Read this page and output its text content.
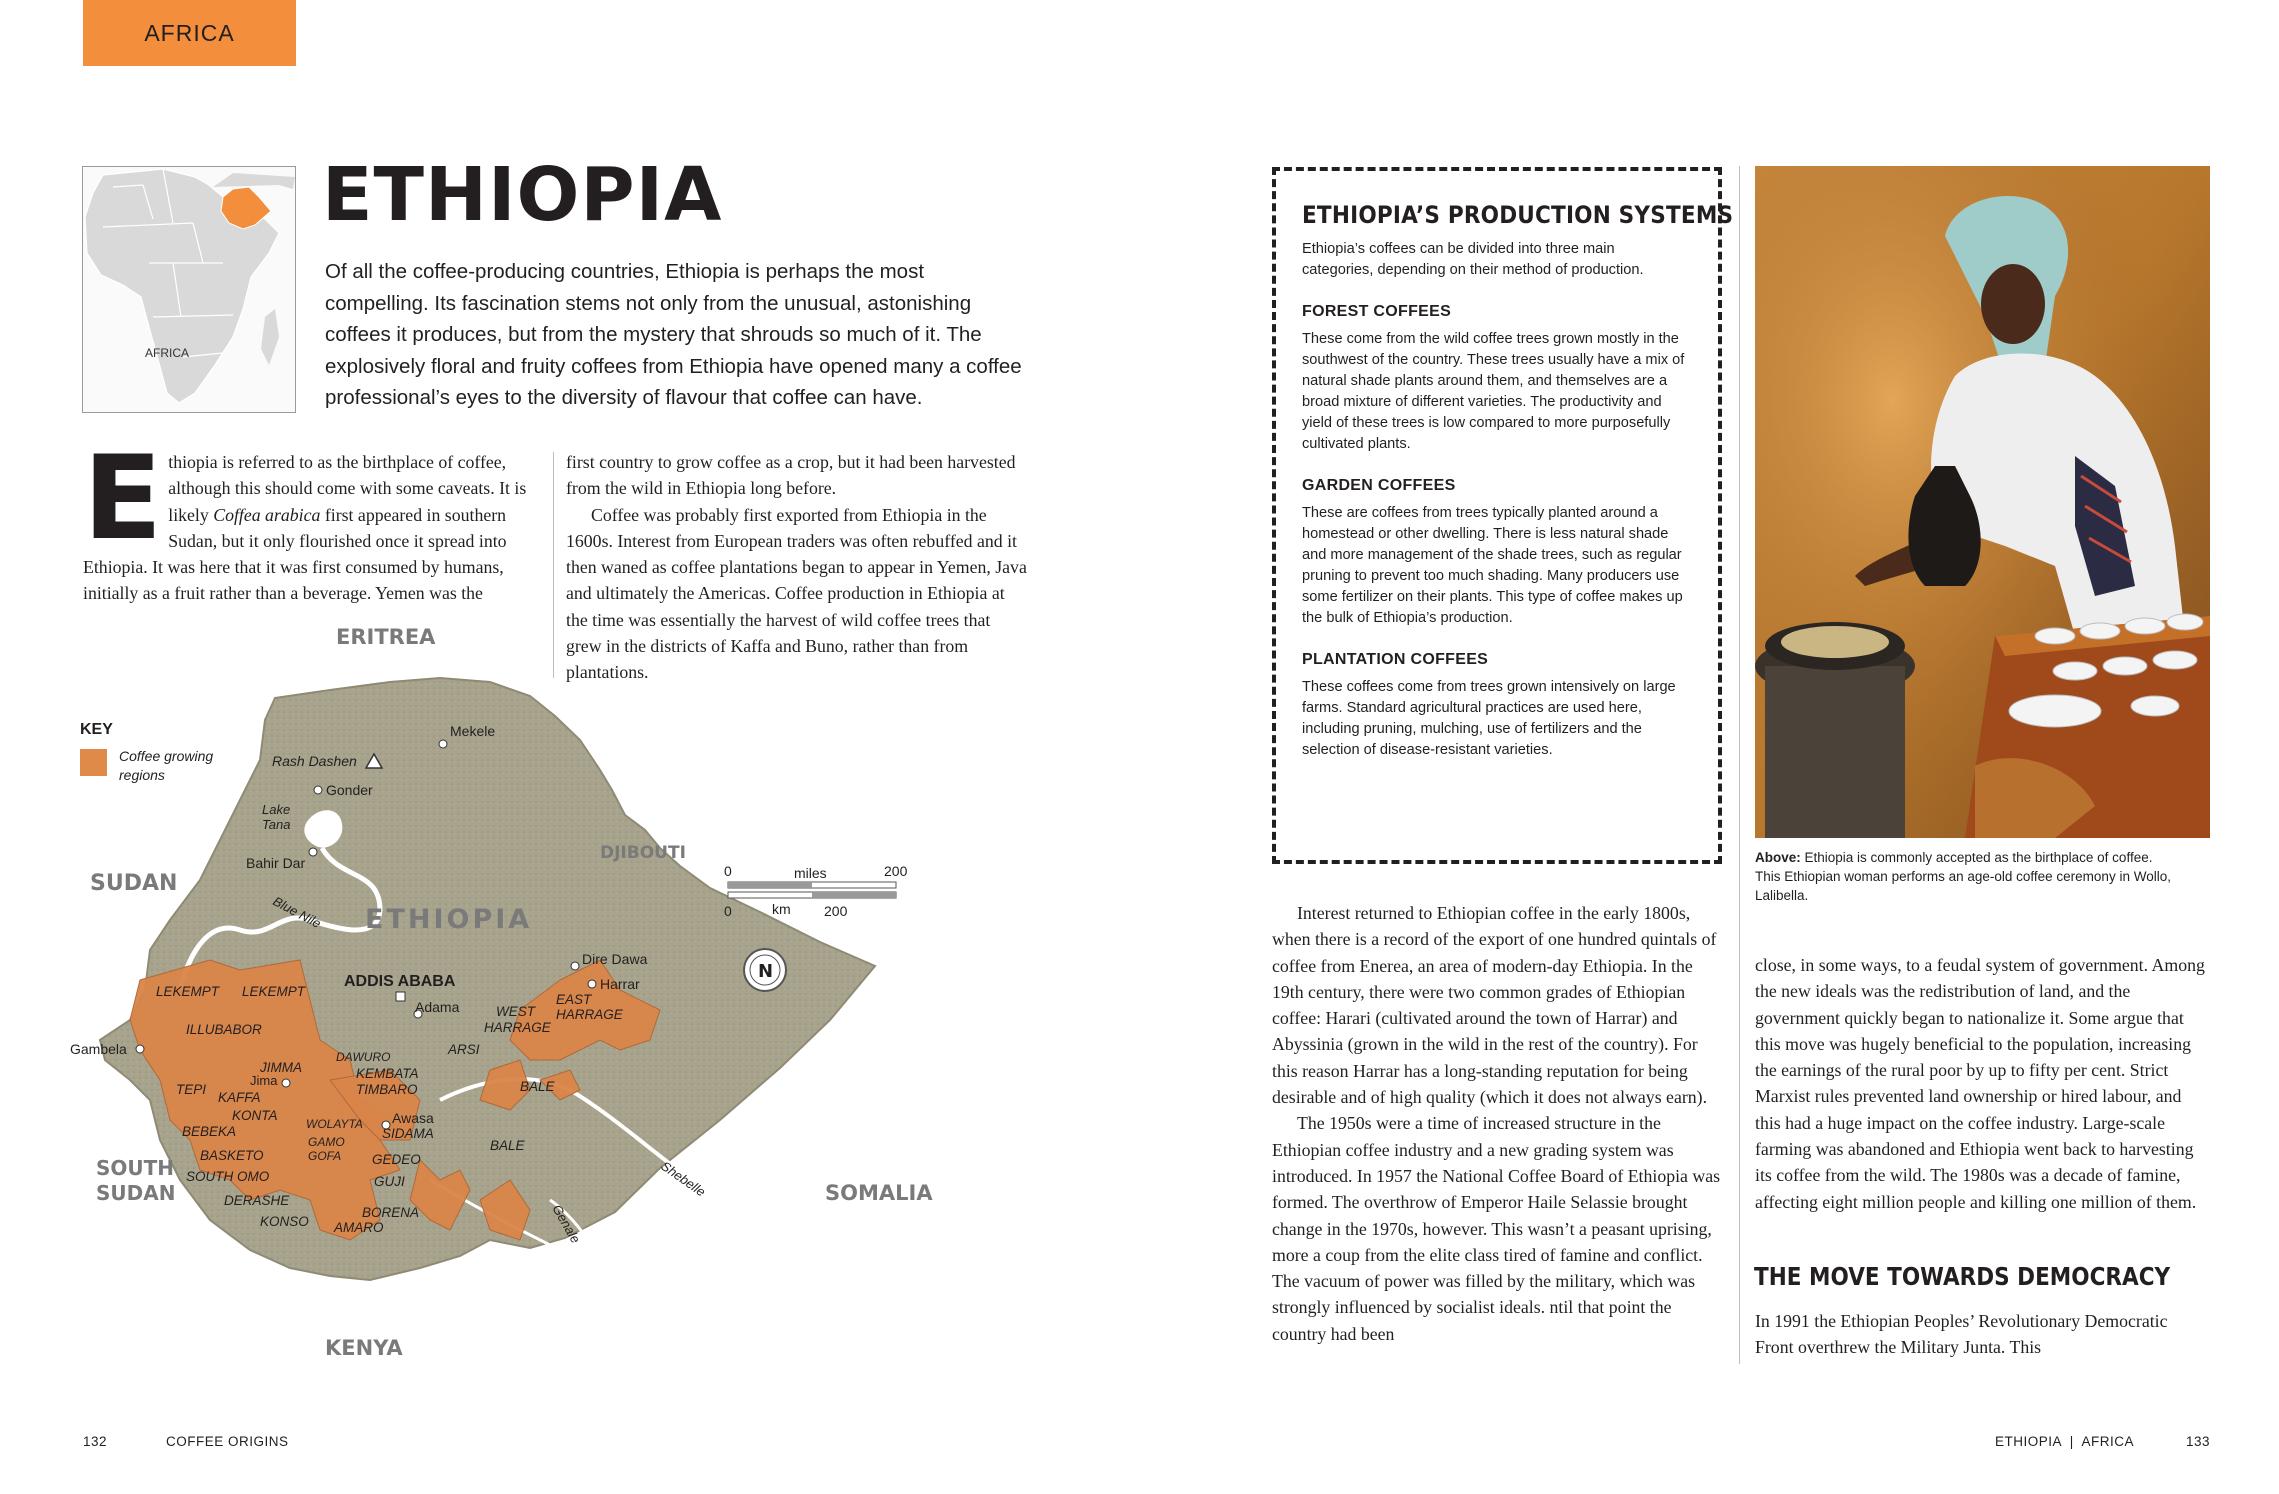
AFRICA
AFRICA
ETHIOPIA

Of all the coffee-producing countries, Ethiopia is perhaps the most compelling. Its fascination stems not only from the unusual, astonishing coffees it produces, but from the mystery that shrouds so much of it. The explosively floral and fruity coffees from Ethiopia have opened many a coffee professional’s eyes to the diversity of flavour that coffee can have.

Ethiopia is referred to as the birthplace of coffee, although this should come with some caveats. It is likely Coffea arabica first appeared in southern Sudan, but it only flourished once it spread into Ethiopia. It was here that it was first consumed by humans, initially as a fruit rather than a beverage. Yemen was the

first country to grow coffee as a crop, but it had been harvested from the wild in Ethiopia long before.

Coffee was probably first exported from Ethiopia in the 1600s. Interest from European traders was often rebuffed and it then waned as coffee plantations began to appear in Yemen, Java and ultimately the Americas. Coffee production in Ethiopia at the time was essentially the harvest of wild coffee trees that grew in the districts of Kaffa and Buno, rather than from plantations.

ERITREA
SUDAN
DJIBOUTI
ETHIOPIA
SOUTH
SUDAN	SOMALIA
KENYA
Mekele
Rash Dashen
Gonder
Lake
Tana
Bahir Dar
Blue Nile
ADDIS ABABA
Dire Dawa
Harrar
Adama
Gambela
Jima
Awasa
Shebelle
Genale
LEKEMPT LEKEMPT
ILLUBABOR
JIMMA
TEPI
KAFFA
DAWURO
KEMBATA
TIMBARO
KONTA
BEBEKA	WOLAYTA
SIDAMA
GAMO
GOFA
BASKETO	GEDEO
BALE
BALE
SOUTH OMO	GUJI
DERASHE
BORENA
KONSO AMARO
ARSI
WEST
HARRAGE
EAST
HARRAGE
0	miles	200
0	km 200
N
KEY
Coffee growing
regions
ETHIOPIA’S PRODUCTION SYSTEMS

Ethiopia’s coffees can be divided into three main categories, depending on their method of production.

FOREST COFFEES

These come from the wild coffee trees grown mostly in the southwest of the country. These trees usually have a mix of natural shade plants around them, and themselves are a broad mixture of different varieties. The productivity and yield of these trees is low compared to more purposefully cultivated plants.

GARDEN COFFEES

These are coffees from trees typically planted around a homestead or other dwelling. There is less natural shade and more management of the shade trees, such as regular pruning to prevent too much shading. Many producers use some fertilizer on their plants. This type of coffee makes up the bulk of Ethiopia’s production.

PLANTATION COFFEES

These coffees come from trees grown intensively on large farms. Standard agricultural practices are used here, including pruning, mulching, use of fertilizers and the selection of disease-resistant varieties.

Above: Ethiopia is commonly accepted as the birthplace of coffee. This Ethiopian woman performs an age-old coffee ceremony in Wollo, Lalibella.

Interest returned to Ethiopian coffee in the early 1800s, when there is a record of the export of one hundred quintals of coffee from Enerea, an area of modern-day Ethiopia. In the 19th century, there were two common grades of Ethiopian coffee: Harari (cultivated around the town of Harrar) and Abyssinia (grown in the wild in the rest of the country). For this reason Harrar has a long-standing reputation for being desirable and of high quality (which it does not always earn).

The 1950s were a time of increased structure in the Ethiopian coffee industry and a new grading system was introduced. In 1957 the National Coffee Board of Ethiopia was formed. The overthrow of Emperor Haile Selassie brought change in the 1970s, however. This wasn’t a peasant uprising, more a coup from the elite class tired of famine and conflict. The vacuum of power was filled by the military, which was strongly influenced by socialist ideals. ntil that point the country had been

close, in some ways, to a feudal system of government. Among the new ideals was the redistribution of land, and the government quickly began to nationalize it. Some argue that this move was hugely beneficial to the population, increasing the earnings of the rural poor by up to fifty per cent. Strict Marxist rules prevented land ownership or hired labour, and this had a huge impact on the coffee industry. Large-scale farming was abandoned and Ethiopia went back to harvesting its coffee from the wild. The 1980s was a decade of famine, affecting eight million people and killing one million of them.

THE MOVE TOWARDS DEMOCRACY

In 1991 the Ethiopian Peoples’ Revolutionary Democratic Front overthrew the Military Junta. This

132	COFFEE ORIGINS	ETHIOPIA  |  AFRICA	133
